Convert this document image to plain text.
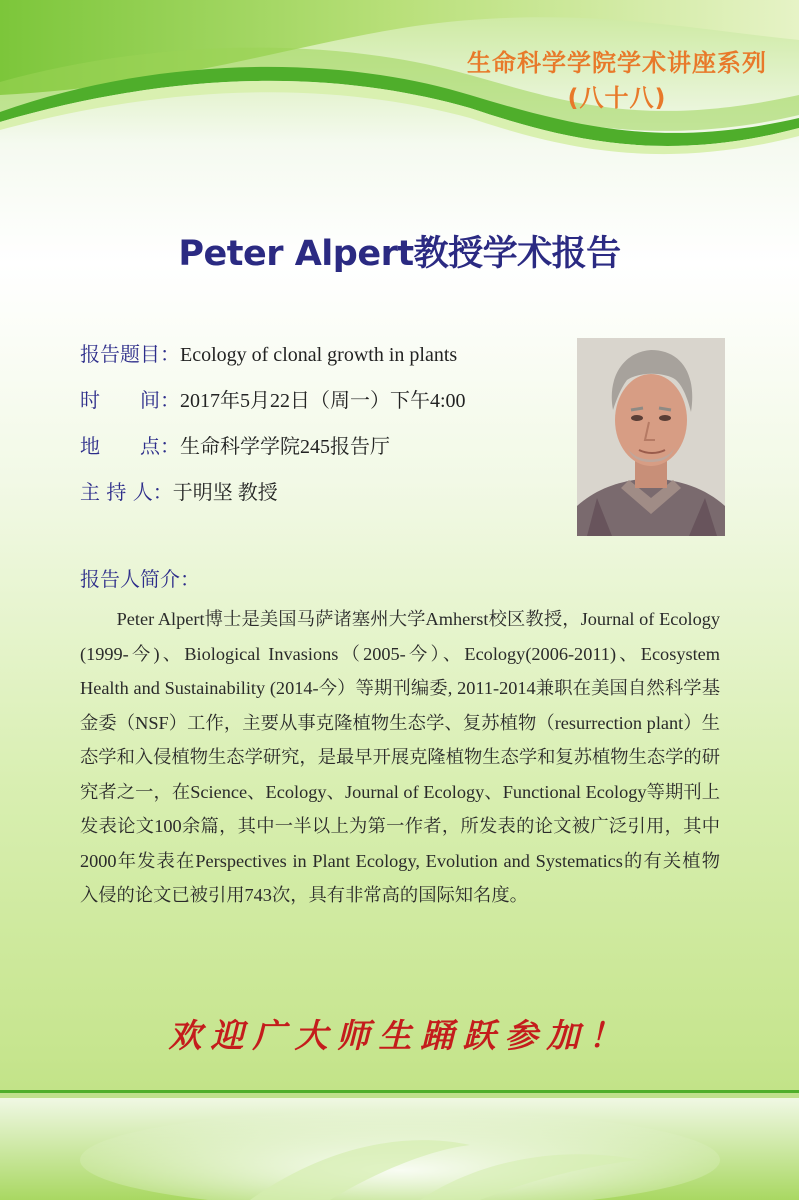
生命科学学院学术讲座系列
(八十八)
Peter Alpert教授学术报告
报告题目：Ecology of clonal growth in plants
时　　间：2017年5月22日（周一）下午4:00
地　　点：生命科学学院245报告厅
主 持 人：于明坚 教授
报告人简介：
Peter Alpert博士是美国马萨诸塞州大学Amherst校区教授，Journal of Ecology (1999-今)、Biological Invasions（2005-今）、Ecology(2006-2011)、Ecosystem Health and Sustainability (2014-今）等期刊编委, 2011-2014兼职在美国自然科学基金委（NSF）工作，主要从事克隆植物生态学、复苏植物（resurrection plant）生态学和入侵植物生态学研究，是最早开展克隆植物生态学和复苏植物生态学的研究者之一，在Science、Ecology、Journal of Ecology、Functional Ecology等期刊上发表论文100余篇，其中一半以上为第一作者，所发表的论文被广泛引用，其中2000年发表在Perspectives in Plant Ecology, Evolution and Systematics的有关植物入侵的论文已被引用743次，具有非常高的国际知名度。
欢迎广大师生踊跃参加！
